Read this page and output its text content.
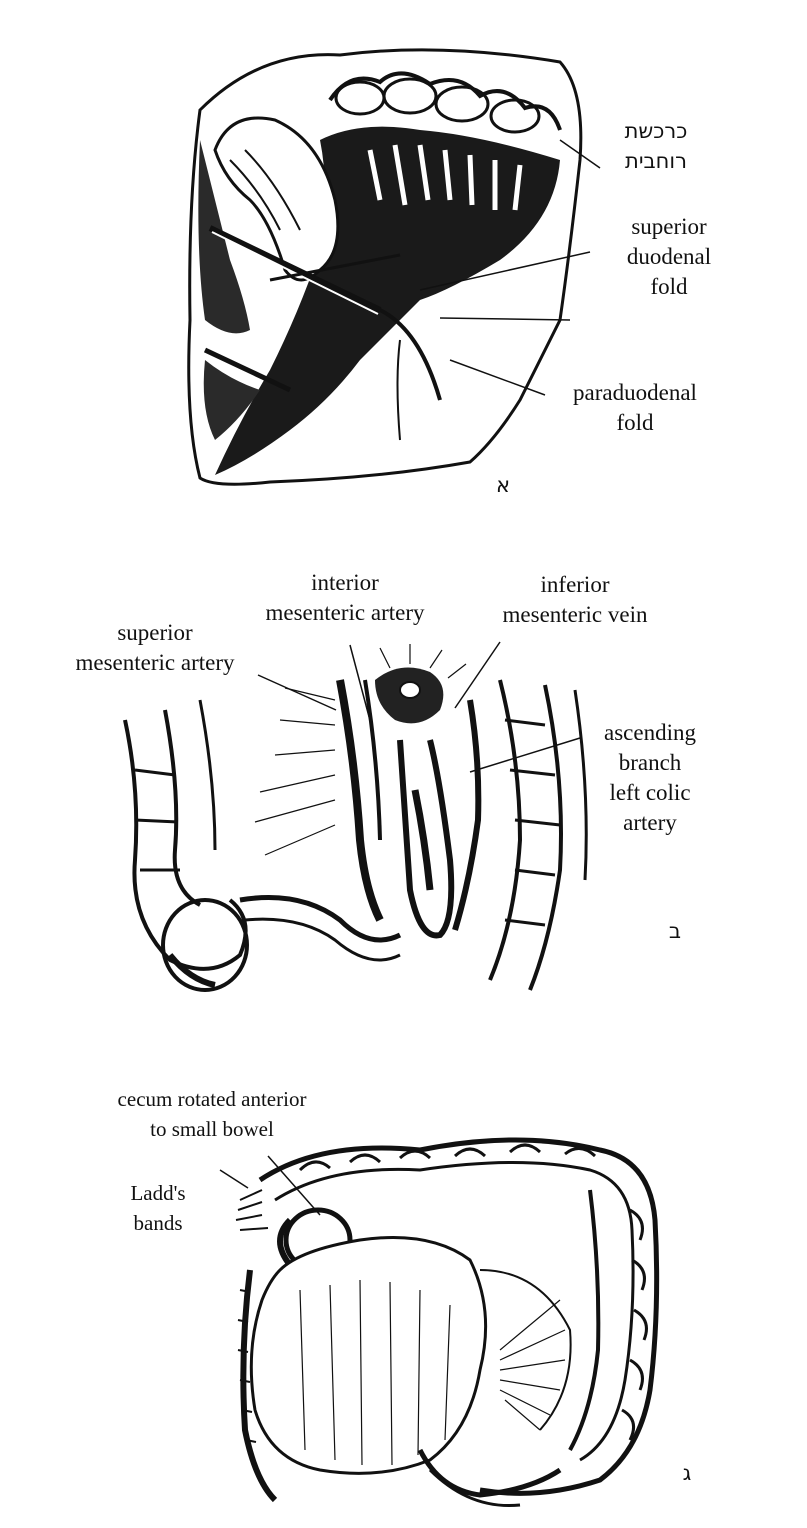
כרכשת
רוחבית
superior
duodenal
fold
paraduodenal
fold
א
interior
mesenteric artery
inferior
mesenteric vein
superior
mesenteric artery
ascending
branch
left colic
artery
ב
cecum rotated anterior
to small bowel
Ladd's
bands
ג
